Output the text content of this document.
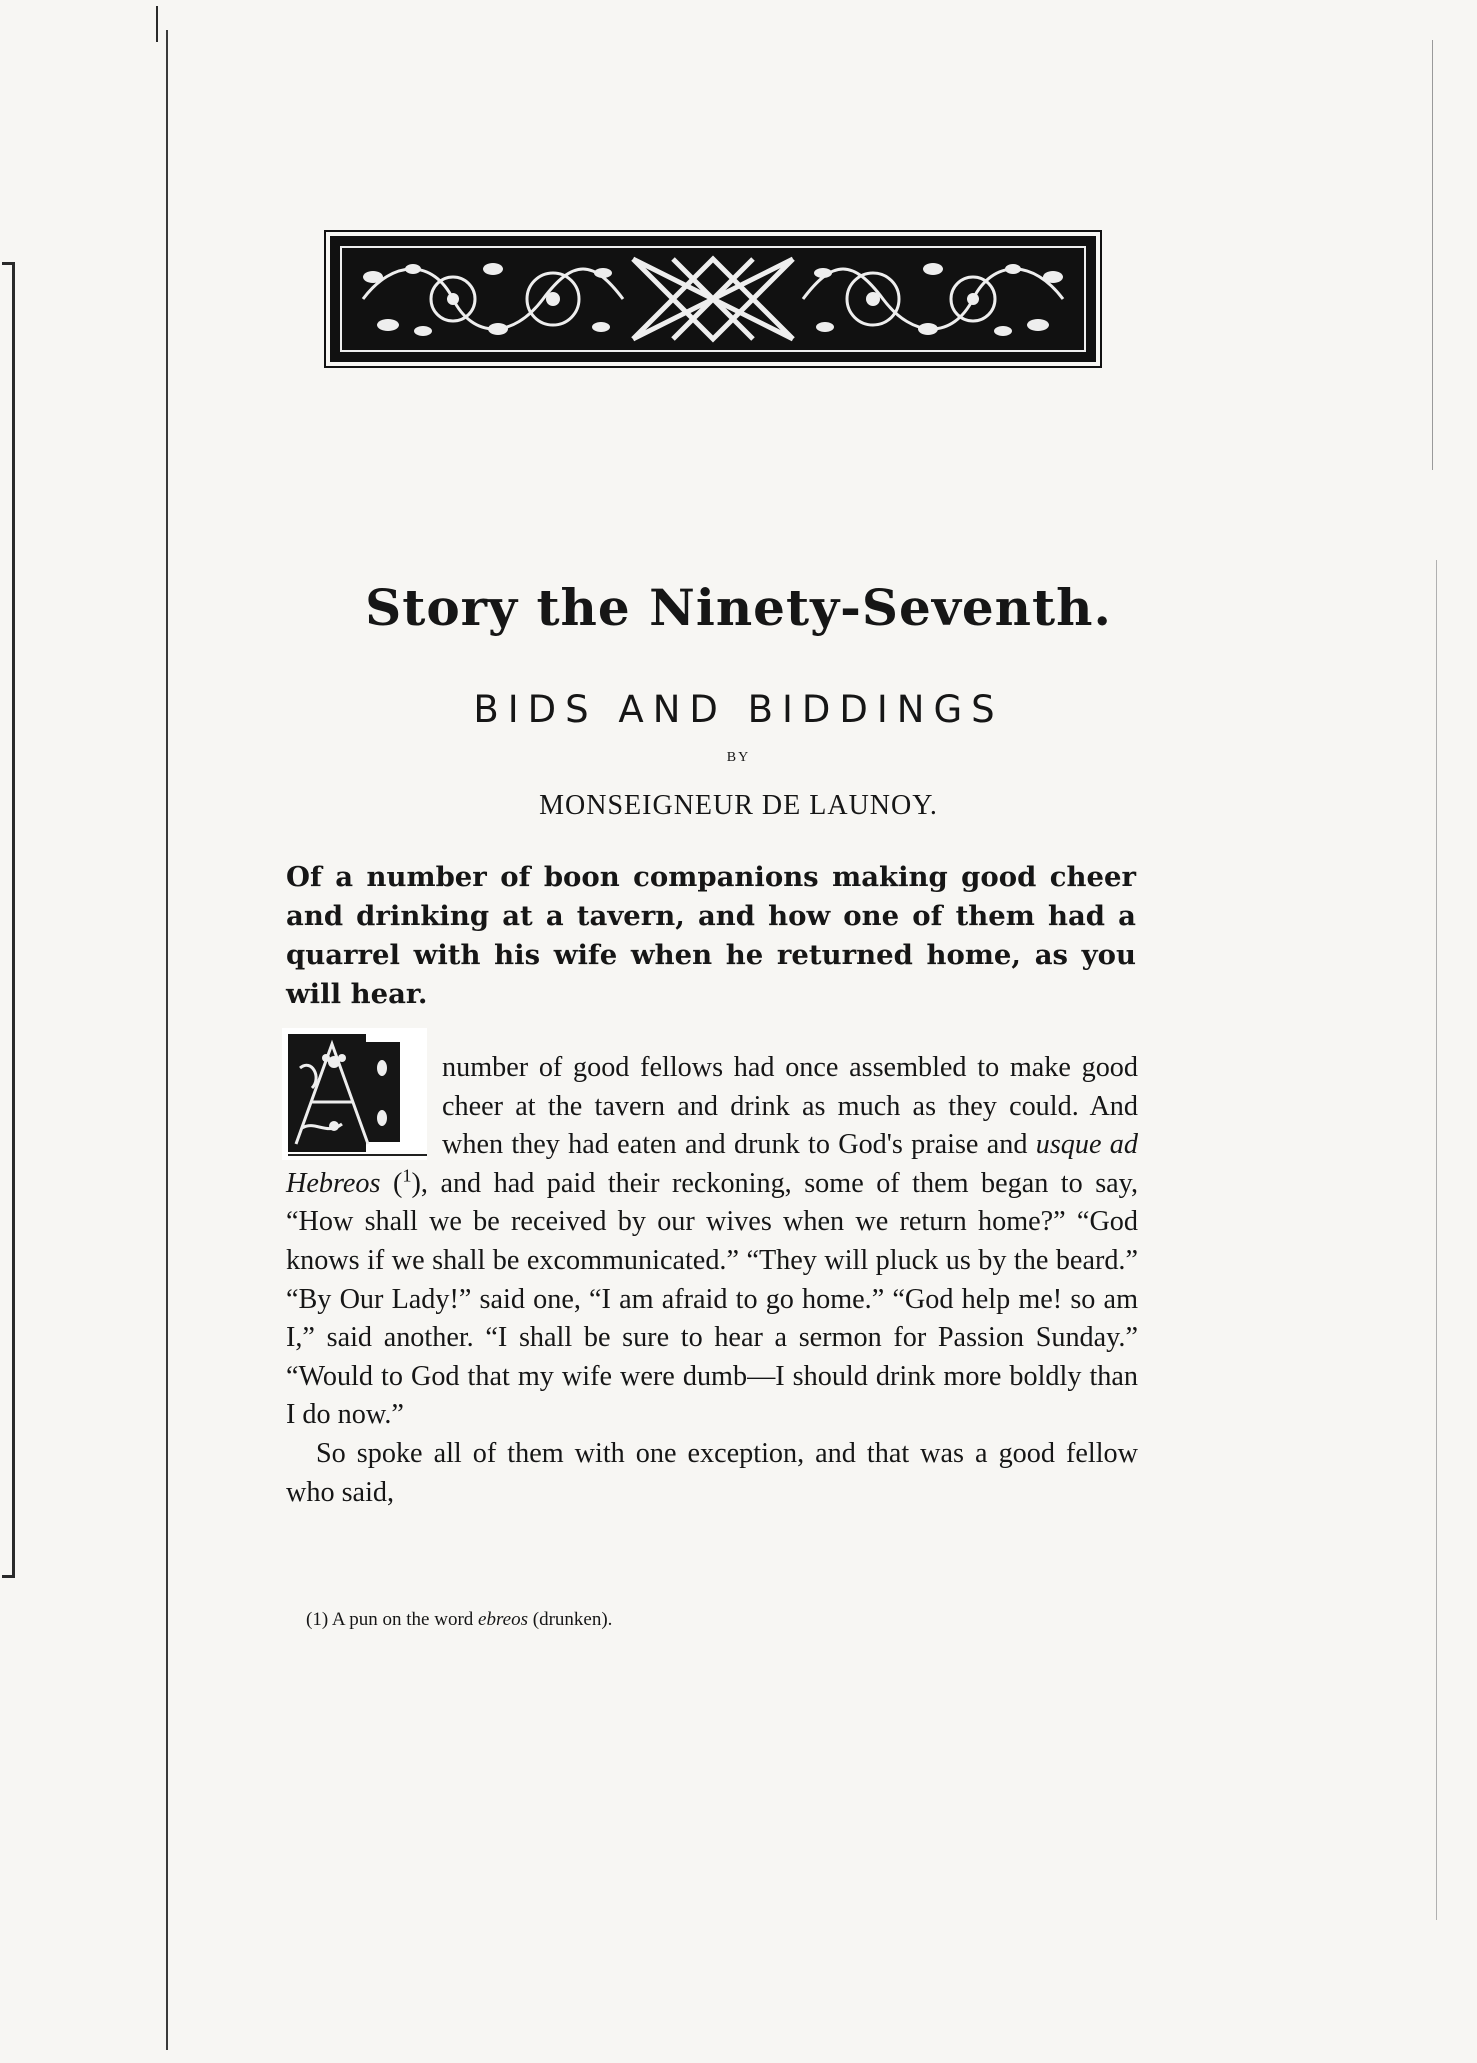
Story the Ninety-Seventh.
BIDS AND BIDDINGS
BY
MONSEIGNEUR DE LAUNOY.

Of a number of boon companions making good cheer and drinking at a tavern, and how one of them had a quarrel with his wife when he returned home, as you will hear.

number of good fellows had once assembled to make good cheer at the tavern and drink as much as they could. And when they had eaten and drunk to God's praise and usque ad Hebreos ($^1$), and had paid their reckoning, some of them began to say, “How shall we be received by our wives when we return home?” “God knows if we shall be excommunicated.” “They will pluck us by the beard.” “By Our Lady!” said one, “I am afraid to go home.” “God help me! so am I,” said another. “I shall be sure to hear a sermon for Passion Sunday.” “Would to God that my wife were dumb—I should drink more boldly than I do now.”

So spoke all of them with one exception, and that was a good fellow who said,

(1) A pun on the word ebreos (drunken).
